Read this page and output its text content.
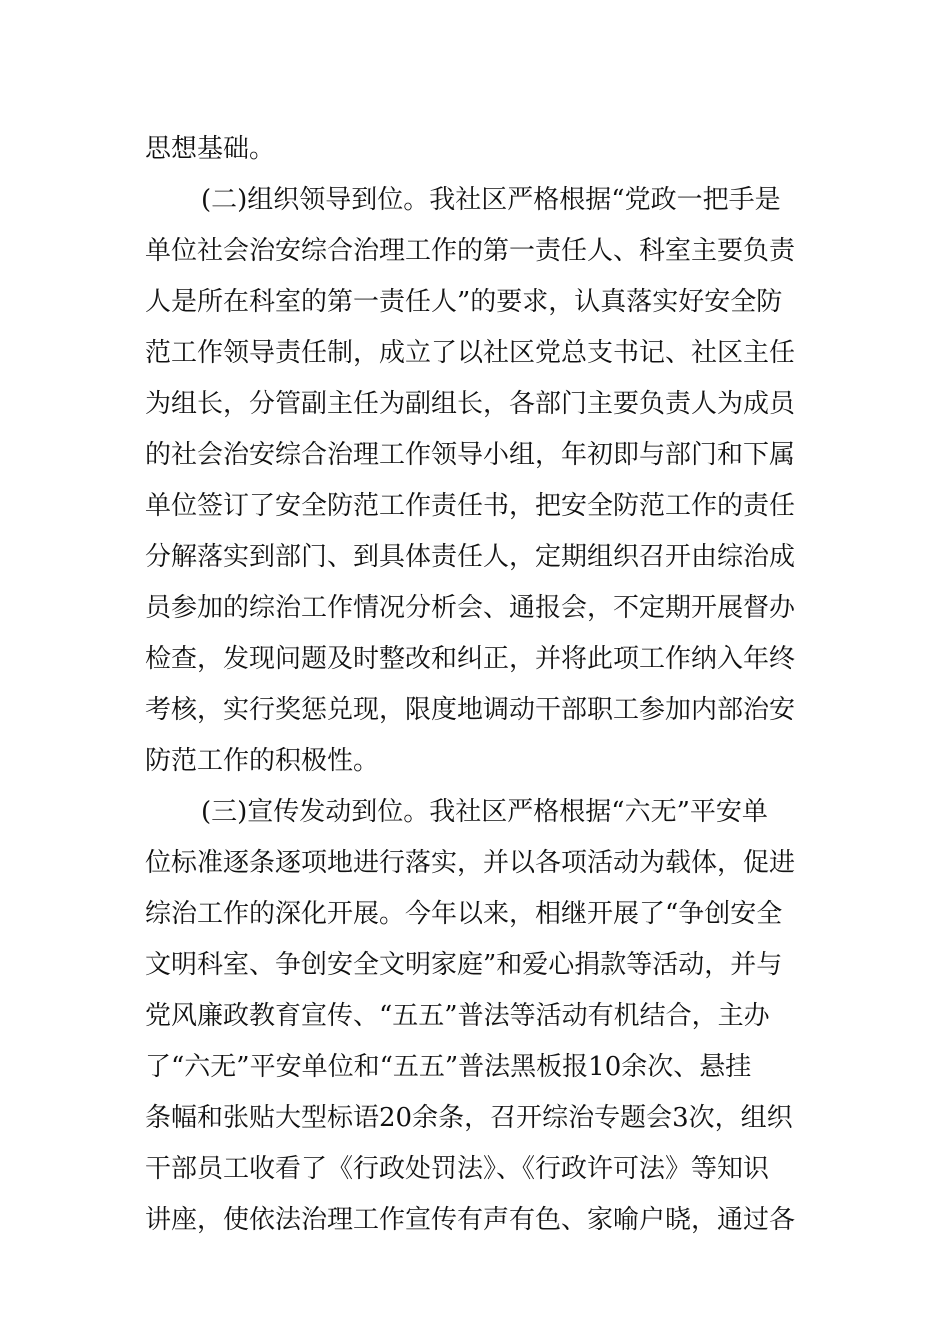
思想基础。
(二)组织领导到位。我社区严格根据“党政一把手是
单位社会治安综合治理工作的第一责任人、科室主要负责
人是所在科室的第一责任人”的要求，认真落实好安全防
范工作领导责任制，成立了以社区党总支书记、社区主任
为组长，分管副主任为副组长，各部门主要负责人为成员
的社会治安综合治理工作领导小组，年初即与部门和下属
单位签订了安全防范工作责任书，把安全防范工作的责任
分解落实到部门、到具体责任人，定期组织召开由综治成
员参加的综治工作情况分析会、通报会，不定期开展督办
检查，发现问题及时整改和纠正，并将此项工作纳入年终
考核，实行奖惩兑现，限度地调动干部职工参加内部治安
防范工作的积极性。
(三)宣传发动到位。我社区严格根据“六无”平安单
位标准逐条逐项地进行落实，并以各项活动为载体，促进
综治工作的深化开展。今年以来，相继开展了“争创安全
文明科室、争创安全文明家庭”和爱心捐款等活动，并与
党风廉政教育宣传、“五五”普法等活动有机结合，主办
了“六无”平安单位和“五五”普法黑板报10余次、悬挂
条幅和张贴大型标语20余条，召开综治专题会3次，组织
干部员工收看了《行政处罚法》、《行政许可法》等知识
讲座，使依法治理工作宣传有声有色、家喻户晓，通过各
